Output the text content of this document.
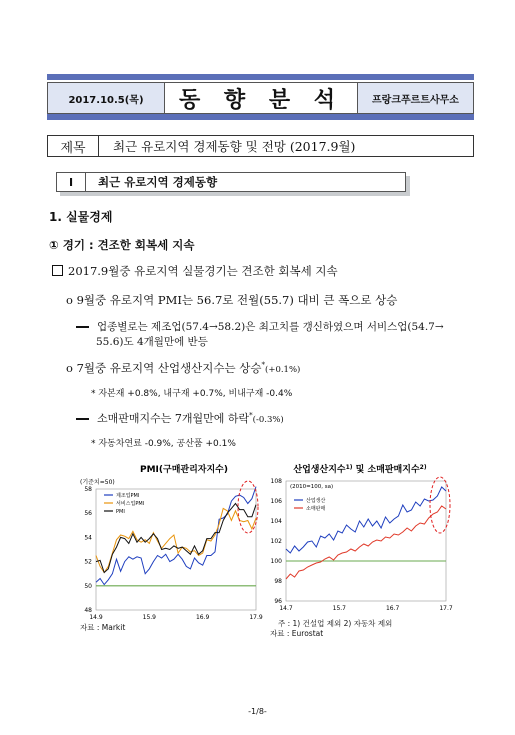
2017.10.5(목)	동 향 분 석	프랑크푸르트사무소
제목	최근 유로지역 경제동향 및 전망 (2017.9월)
I	최근 유로지역 경제동향
1. 실물경제
① 경기 : 견조한 회복세 지속
2017.9월중 유로지역 실물경기는 견조한 회복세 지속
o 9월중 유로지역 PMI는 56.7로 전월(55.7) 대비 큰 폭으로 상승
업종별로는 제조업(57.4→58.2)은 최고치를 갱신하였으며 서비스업(54.7→
55.6)도 4개월만에 반등
o 7월중 유로지역 산업생산지수는 상승*(+0.1%)
* 자본재 +0.8%, 내구재 +0.7%, 비내구재 -0.4%
소매판매지수는 7개월만에 하락*(-0.3%)
* 자동차연료 -0.9%, 공산품 +0.1%
PMI(구매관리자지수)
(기준치=50)
48
50
52
54
56
58
14.9	15.9	16.9	17.9
제조업PMI
서비스업PMI
PMI
자료 : Markit
산업생산지수$^{1)}$ 및 소매판매지수$^{2)}$
(2010=100, sa)
96
98
100
102
104
106
108
14.7	15.7	16.7	17.7
산업생산
소매판매
주 : 1) 건설업 제외 2) 자동차 제외
자료 : Eurostat
-1/8-
